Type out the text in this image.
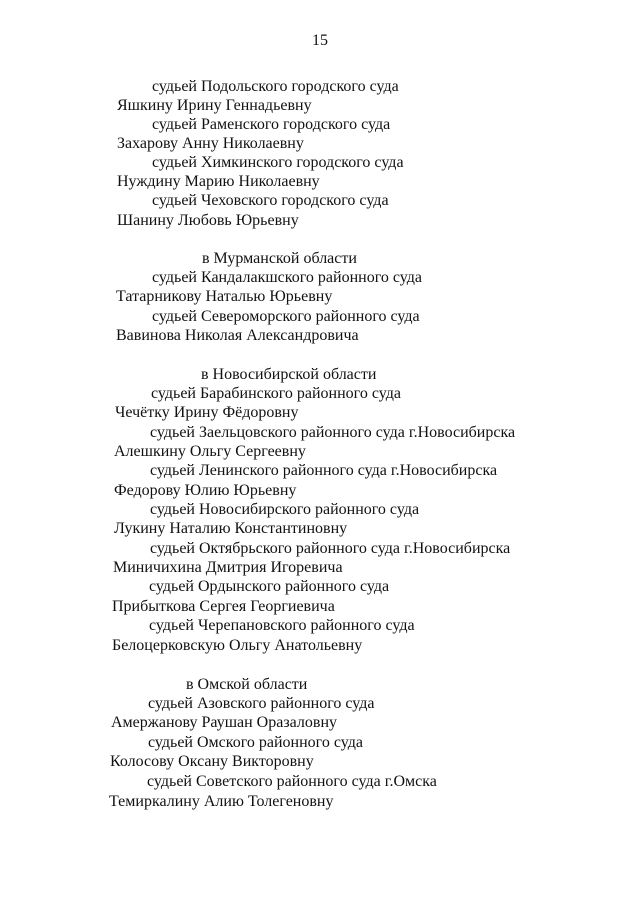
15
судьей Подольского городского суда
Яшкину Ирину Геннадьевну
судьей Раменского городского суда
Захарову Анну Николаевну
судьей Химкинского городского суда
Нуждину Марию Николаевну
судьей Чеховского городского суда
Шанину Любовь Юрьевну
в Мурманской области
судьей Кандалакшского районного суда
Татарникову Наталью Юрьевну
судьей Североморского районного суда
Вавинова Николая Александровича
в Новосибирской области
судьей Барабинского районного суда
Чечётку Ирину Фёдоровну
судьей Заельцовского районного суда г.Новосибирска
Алешкину Ольгу Сергеевну
судьей Ленинского районного суда г.Новосибирска
Федорову Юлию Юрьевну
судьей Новосибирского районного суда
Лукину Наталию Константиновну
судьей Октябрьского районного суда г.Новосибирска
Миничихина Дмитрия Игоревича
судьей Ордынского районного суда
Прибыткова Сергея Георгиевича
судьей Черепановского районного суда
Белоцерковскую Ольгу Анатольевну
в Омской области
судьей Азовского районного суда
Амержанову Раушан Оразаловну
судьей Омского районного суда
Колосову Оксану Викторовну
судьей Советского районного суда г.Омска
Темиркалину Алию Толегеновну
